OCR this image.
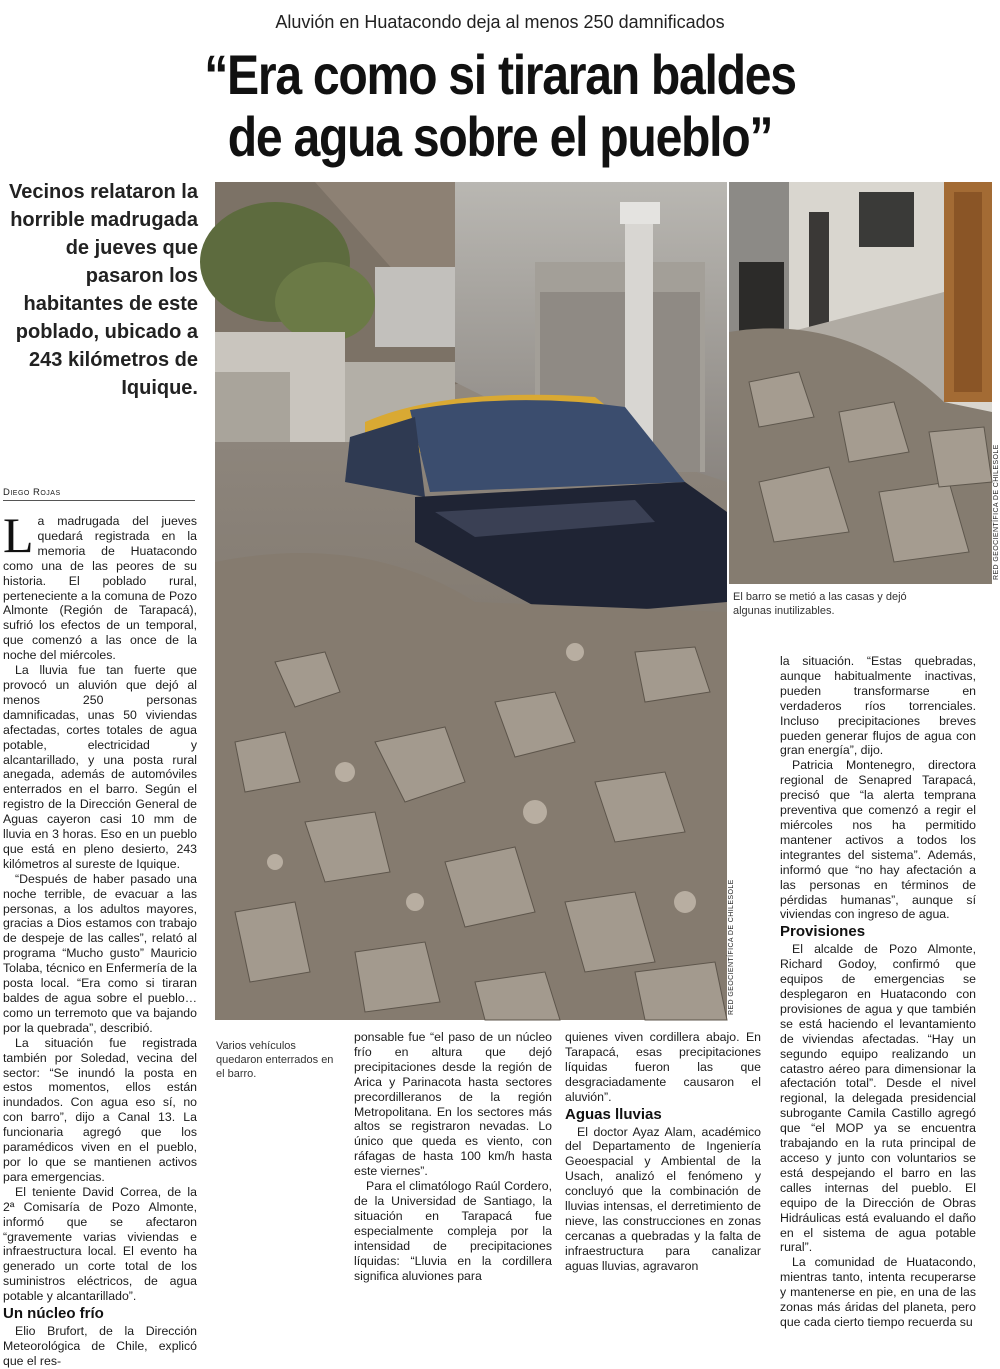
Aluvión en Huatacondo deja al menos 250 damnificados
“Era como si tiraran baldes
de agua sobre el pueblo”
Vecinos relataron la horrible madrugada de jueves que pasaron los habitantes de este poblado, ubicado a 243 kilómetros de Iquique.
Diego Rojas
RED GEOCIENTÍFICA DE CHILESOLE
Varios vehículos quedaron enterrados en el barro.
RED GEOCIENTÍFICA DE CHILESOLE
El barro se metió a las casas y dejó algunas inutilizables.

La madrugada del jueves quedará registrada en la memoria de Huatacondo como una de las peores de su historia. El poblado rural, perteneciente a la comuna de Pozo Almonte (Región de Tarapacá), sufrió los efectos de un temporal, que comenzó a las once de la noche del miércoles.

La lluvia fue tan fuerte que provocó un aluvión que dejó al menos 250 personas damnificadas, unas 50 viviendas afectadas, cortes totales de agua potable, electricidad y alcantarillado, y una posta rural anegada, además de automóviles enterrados en el barro. Según el registro de la Dirección General de Aguas cayeron casi 10 mm de lluvia en 3 horas. Eso en un pueblo que está en pleno desierto, 243 kilómetros al sureste de Iquique.

“Después de haber pasado una noche terrible, de evacuar a las personas, a los adultos mayores, gracias a Dios estamos con trabajo de despeje de las calles”, relató al programa “Mucho gusto” Mauricio Tolaba, técnico en Enfermería de la posta local. “Era como si tiraran baldes de agua sobre el pueblo… como un terremoto que va bajando por la quebrada”, describió.

La situación fue registrada también por Soledad, vecina del sector: “Se inundó la posta en estos momentos, ellos están inundados. Con agua eso sí, no con barro”, dijo a Canal 13. La funcionaria agregó que los paramédicos viven en el pueblo, por lo que se mantienen activos para emergencias.

El teniente David Correa, de la 2ª Comisaría de Pozo Almonte, informó que se afectaron “gravemente varias viviendas e infraestructura local. El evento ha generado un corte total de los suministros eléctricos, de agua potable y alcantarillado”.

Un núcleo frío

Elio Brufort, de la Dirección Meteorológica de Chile, explicó que el res-

ponsable fue “el paso de un núcleo frío en altura que dejó precipitaciones desde la región de Arica y Parinacota hasta sectores precordilleranos de la región Metropolitana. En los sectores más altos se registraron nevadas. Lo único que queda es viento, con ráfagas de hasta 100 km/h hasta este viernes”.

Para el climatólogo Raúl Cordero, de la Universidad de Santiago, la situación en Tarapacá fue especialmente compleja por la intensidad de precipitaciones líquidas: “Lluvia en la cordillera significa aluviones para

quienes viven cordillera abajo. En Tarapacá, esas precipitaciones líquidas fueron las que desgraciadamente causaron el aluvión”.

Aguas lluvias

El doctor Ayaz Alam, académico del Departamento de Ingeniería Geoespacial y Ambiental de la Usach, analizó el fenómeno y concluyó que la combinación de lluvias intensas, el derretimiento de nieve, las construcciones en zonas cercanas a quebradas y la falta de infraestructura para canalizar aguas lluvias, agravaron

la situación. “Estas quebradas, aunque habitualmente inactivas, pueden transformarse en verdaderos ríos torrenciales. Incluso precipitaciones breves pueden generar flujos de agua con gran energía”, dijo.

Patricia Montenegro, directora regional de Senapred Tarapacá, precisó que “la alerta temprana preventiva que comenzó a regir el miércoles nos ha permitido mantener activos a todos los integrantes del sistema”. Además, informó que “no hay afectación a las personas en términos de pérdidas humanas”, aunque sí viviendas con ingreso de agua.

Provisiones

El alcalde de Pozo Almonte, Richard Godoy, confirmó que equipos de emergencias se desplegaron en Huatacondo con provisiones de agua y que también se está haciendo el levantamiento de viviendas afectadas. “Hay un segundo equipo realizando un catastro aéreo para dimensionar la afectación total”. Desde el nivel regional, la delegada presidencial subrogante Camila Castillo agregó que “el MOP ya se encuentra trabajando en la ruta principal de acceso y junto con voluntarios se está despejando el barro en las calles internas del pueblo. El equipo de la Dirección de Obras Hidráulicas está evaluando el daño en el sistema de agua potable rural”.

La comunidad de Huatacondo, mientras tanto, intenta recuperarse y mantenerse en pie, en una de las zonas más áridas del planeta, pero que cada cierto tiempo recuerda su
